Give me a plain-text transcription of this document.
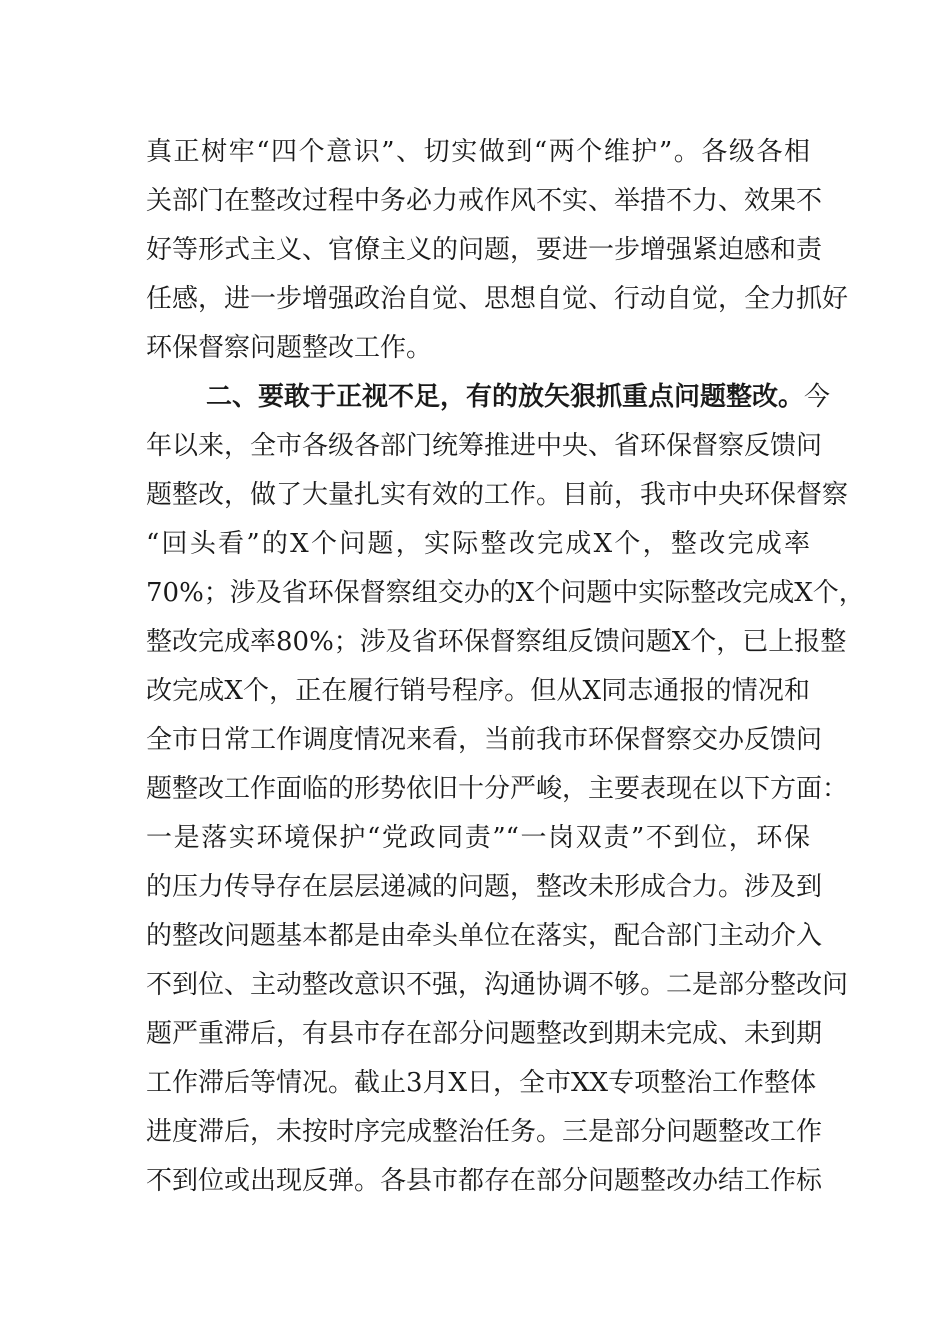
真正树牢“四个意识”、切实做到“两个维护”。各级各相
关部门在整改过程中务必力戒作风不实、举措不力、效果不
好等形式主义、官僚主义的问题，要进一步增强紧迫感和责
任感，进一步增强政治自觉、思想自觉、行动自觉，全力抓好
环保督察问题整改工作。
二、要敢于正视不足，有的放矢狠抓重点问题整改。今
年以来，全市各级各部门统筹推进中央、省环保督察反馈问
题整改，做了大量扎实有效的工作。目前，我市中央环保督察
“回头看”的X个问题，实际整改完成X个，整改完成率
70%；涉及省环保督察组交办的X个问题中实际整改完成X个，
整改完成率80%；涉及省环保督察组反馈问题X个，已上报整
改完成X个，正在履行销号程序。但从X同志通报的情况和
全市日常工作调度情况来看，当前我市环保督察交办反馈问
题整改工作面临的形势依旧十分严峻，主要表现在以下方面：
一是落实环境保护“党政同责”“一岗双责”不到位，环保
的压力传导存在层层递减的问题，整改未形成合力。涉及到
的整改问题基本都是由牵头单位在落实，配合部门主动介入
不到位、主动整改意识不强，沟通协调不够。二是部分整改问
题严重滞后，有县市存在部分问题整改到期未完成、未到期
工作滞后等情况。截止3月X日，全市XX专项整治工作整体
进度滞后，未按时序完成整治任务。三是部分问题整改工作
不到位或出现反弹。各县市都存在部分问题整改办结工作标
